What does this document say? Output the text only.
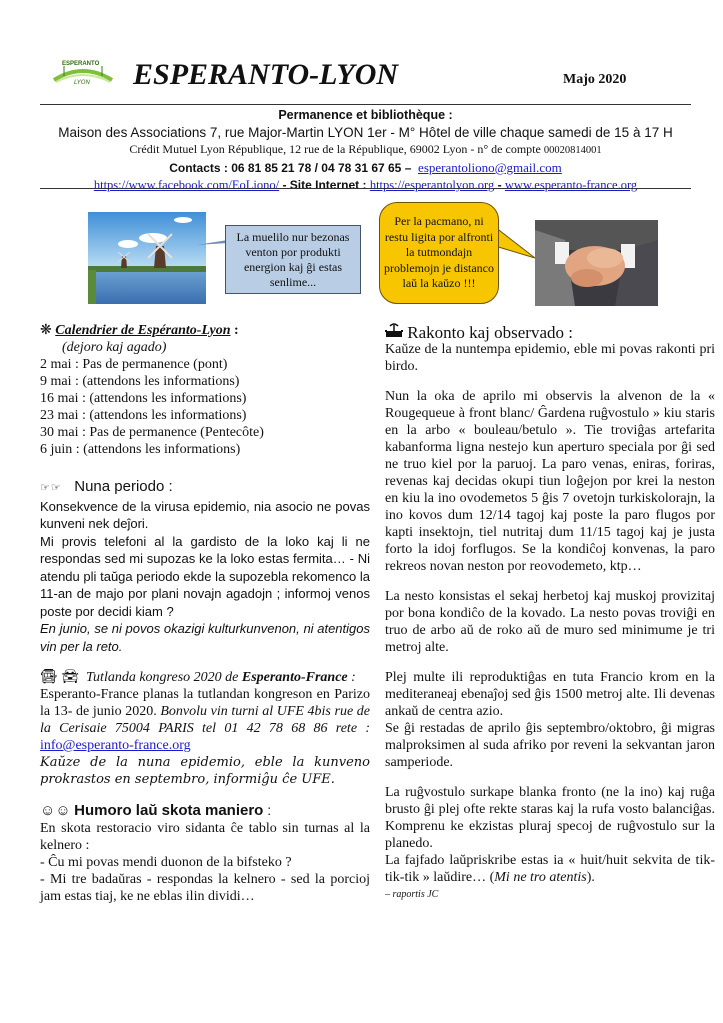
ESPERANTO
LYON ESPERANTO-LYON	Majo 2020
Permanence et bibliothèque :
Maison des Associations 7, rue Major-Martin LYON 1er - M° Hôtel de ville chaque samedi de 15 à 17 H
Crédit Mutuel Lyon République, 12 rue de la République, 69002 Lyon - n° de compte 00020814001
Contacts : 06 81 85 21 78 / 04 78 31 67 65 – esperantoliono@gmail.com
https://www.facebook.com/EoLiono/ - Site Internet : https://esperantolyon.org - www.esperanto-france.org
La muelilo nur bezonas venton por produkti energion kaj ĝi estas senlime...
Per la pacmano, ni restu ligita por alfronti la tutmondajn problemojn je distanco laŭ la kaŭzo !!!
❋ Calendrier de Espéranto-Lyon :
(dejoro kaj agado)
2 mai : Pas de permanence (pont)
9 mai : (attendons les informations)
16 mai : (attendons les informations)
23 mai : (attendons les informations)
30 mai : Pas de permanence (Pentecôte)
6 juin : (attendons les informations)
☞☞ Nuna periodo :

Konsekvence de la virusa epidemio, nia asocio ne povas kunveni nek deĵori.

Mi provis telefoni al la gardisto de la loko kaj li ne respondas sed mi supozas ke la loko estas fermita… - Ni atendu pli taŭga periodo ekde la supozebla rekomenco la 11-an de majo por plani novajn agadojn ; informoj venos poste por decidi kiam ?

En junio, se ni povos okazigi kulturkunvenon, ni atentigos vin per la reto.

🚍︎ 🚘︎ Tutlanda kongreso 2020 de Esperanto-France :

Esperanto-France planas la tutlandan kongreson en Parizo la 13- de junio 2020. Bonvolu vin turni al UFE 4bis rue de la Cerisaie 75004 PARIS tel 01 42 78 68 86 rete : info@esperanto-france.org

Kaŭze de la nuna epidemio, eble la kunveno prokrastos en septembro, informiĝu ĉe UFE.

☺☺ Humoro laŭ skota maniero :

En skota restoracio viro sidanta ĉe tablo sin turnas al la kelnero :

- Ĉu mi povas mendi duonon de la bifsteko ?

- Mi tre badaŭras - respondas la kelnero - sed la porcioj jam estas tiaj, ke ne eblas ilin dividi…

Rakonto kaj observado :

Kaŭze de la nuntempa epidemio, eble mi povas rakonti pri birdo.

Nun la oka de aprilo mi observis la alvenon de la « Rougequeue à front blanc/ Ĝardena ruĝvostulo » kiu staris en la arbo « bouleau/betulo ». Tie troviĝas artefarita kabanforma ligna nestejo kun aperturo speciala por ĝi sed ne truo kiel por la paruoj. La paro venas, eniras, foriras, revenas kaj decidas okupi tiun loĝejon por krei la neston en kiu la ino ovodemetos 5 ĝis 7 ovetojn turkiskolorajn, la ino kovos dum 12/14 tagoj kaj poste la paro flugos por kapti insektojn, tiel nutritaj dum 11/15 tagoj kaj je justa forto la idoj forflugos. Se la kondiĉoj konvenas, la paro rekreos novan neston por reovodemeto, ktp…

La nesto konsistas el sekaj herbetoj kaj muskoj provizitaj por bona kondiĉo de la kovado. La nesto povas troviĝi en truo de arbo aŭ de roko aŭ de muro sed minimume je tri metroj alte.

Plej multe ili reproduktiĝas en tuta Francio krom en la mediteraneaj ebenaĵoj sed ĝis 1500 metroj alte. Ili devenas ankaŭ de centra azio.

Se ĝi restadas de aprilo ĝis septembro/oktobro, ĝi migras malproksimen al suda afriko por reveni la sekvantan jaron samperiode.

La ruĝvostulo surkape blanka fronto (ne la ino) kaj ruĝa brusto ĝi plej ofte rekte staras kaj la rufa vosto balanciĝas. Komprenu ke ekzistas pluraj specoj de ruĝvostulo sur la planedo.

La fajfado laŭpriskribe estas ia « huit/huit sekvita de tik-tik-tik » laŭdire… (Mi ne tro atentis).

– raportis JC
